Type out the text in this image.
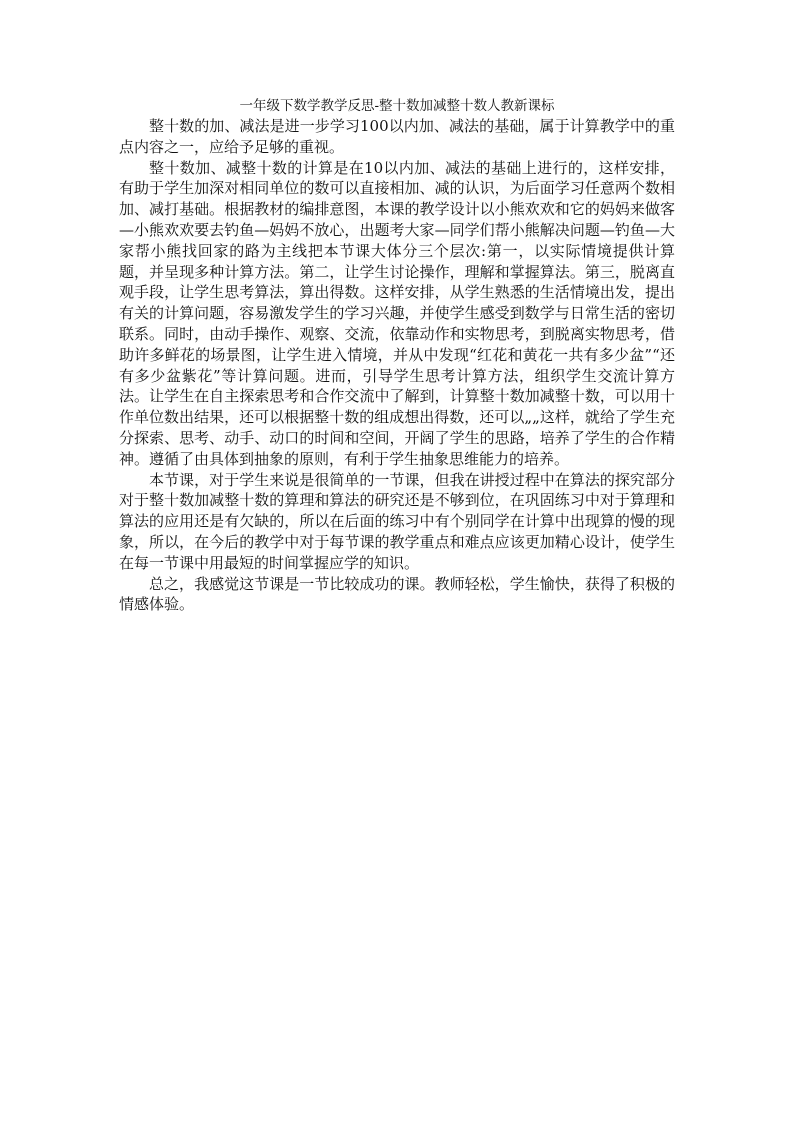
一年级下数学教学反思-整十数加减整十数人教新课标

整十数的加、减法是进一步学习100以内加、减法的基础，属于计算教学中的重点内容之一，应给予足够的重视。

整十数加、减整十数的计算是在10以内加、减法的基础上进行的，这样安排，有助于学生加深对相同单位的数可以直接相加、减的认识，为后面学习任意两个数相加、减打基础。根据教材的编排意图，本课的教学设计以小熊欢欢和它的妈妈来做客—小熊欢欢要去钓鱼—妈妈不放心，出题考大家—同学们帮小熊解决问题—钓鱼—大家帮小熊找回家的路为主线把本节课大体分三个层次:第一，以实际情境提供计算题，并呈现多种计算方法。第二，让学生讨论操作，理解和掌握算法。第三，脱离直观手段，让学生思考算法，算出得数。这样安排，从学生熟悉的生活情境出发，提出有关的计算问题，容易激发学生的学习兴趣，并使学生感受到数学与日常生活的密切联系。同时，由动手操作、观察、交流，依靠动作和实物思考，到脱离实物思考，借助许多鲜花的场景图，让学生进入情境，并从中发现“红花和黄花一共有多少盆”“还有多少盆紫花”等计算问题。进而，引导学生思考计算方法，组织学生交流计算方法。让学生在自主探索思考和合作交流中了解到，计算整十数加减整十数，可以用十作单位数出结果，还可以根据整十数的组成想出得数，还可以„„这样，就给了学生充分探索、思考、动手、动口的时间和空间，开阔了学生的思路，培养了学生的合作精神。遵循了由具体到抽象的原则，有利于学生抽象思维能力的培养。

本节课，对于学生来说是很简单的一节课，但我在讲授过程中在算法的探究部分对于整十数加减整十数的算理和算法的研究还是不够到位，在巩固练习中对于算理和算法的应用还是有欠缺的，所以在后面的练习中有个别同学在计算中出现算的慢的现象，所以，在今后的教学中对于每节课的教学重点和难点应该更加精心设计，使学生在每一节课中用最短的时间掌握应学的知识。

总之，我感觉这节课是一节比较成功的课。教师轻松，学生愉快，获得了积极的情感体验。
